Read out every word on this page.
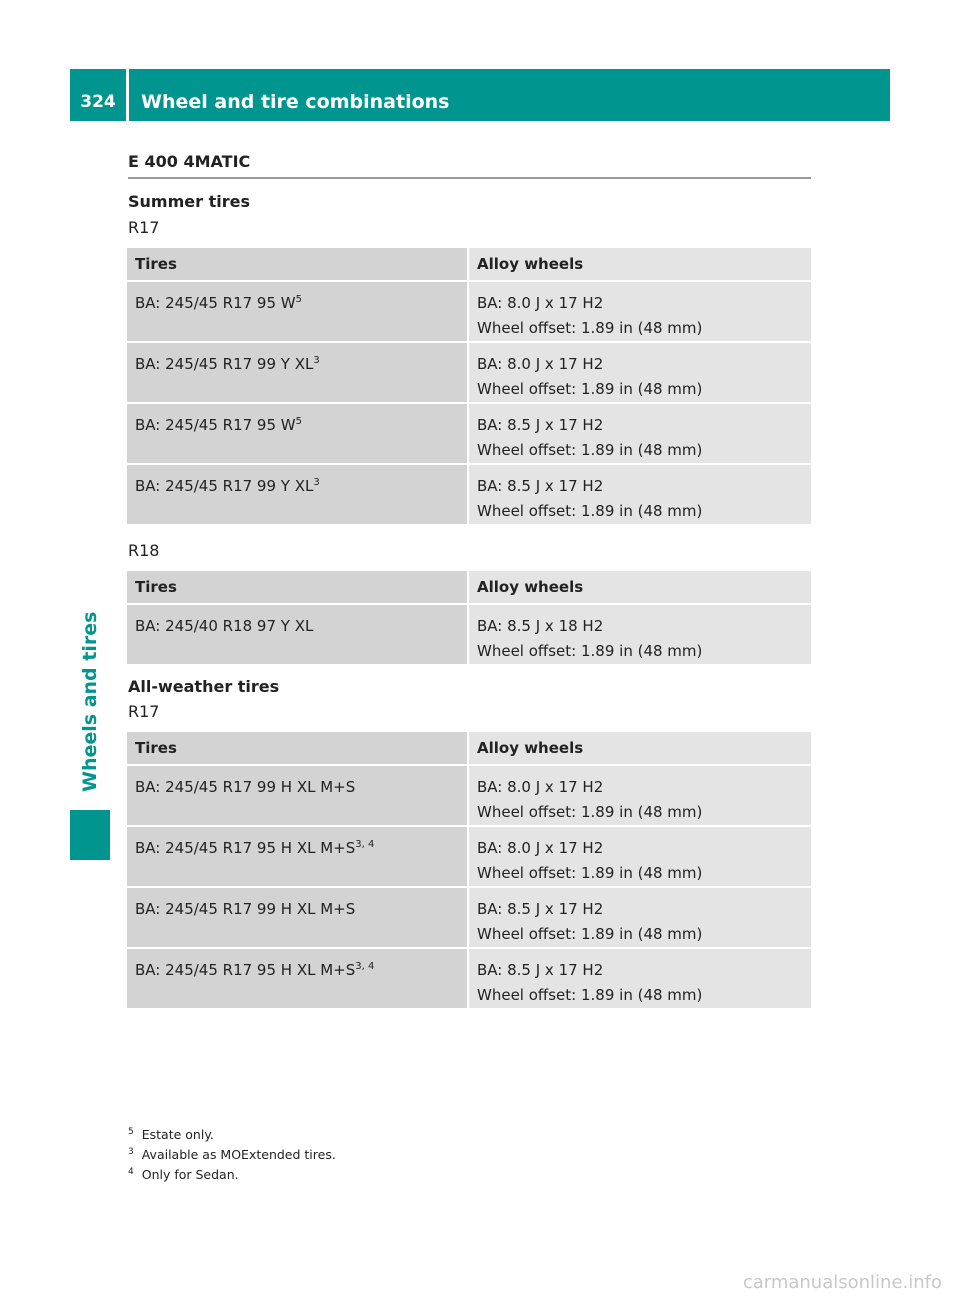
324	Wheel and tire combinations
Wheels and tires
E 400 4MATIC
Summer tires
R17
Tires	Alloy wheels
BA: 245/45 R17 95 $W^5$	BA: 8.0 J x 17 H2
Wheel offset: 1.89 in (48 mm)

BA: 245/45 R17 99 Y $XL^3$	BA: 8.0 J x 17 H2
Wheel offset: 1.89 in (48 mm)

BA: 245/45 R17 95 $W^5$	BA: 8.5 J x 17 H2
Wheel offset: 1.89 in (48 mm)

BA: 245/45 R17 99 Y $XL^3$	BA: 8.5 J x 17 H2
Wheel offset: 1.89 in (48 mm)
R18
Tires	Alloy wheels
BA: 245/40 R18 97 Y XL	BA: 8.5 J x 18 H2
Wheel offset: 1.89 in (48 mm)
All-weather tires
R17
Tires	Alloy wheels
BA: 245/45 R17 99 H XL M+S	BA: 8.0 J x 17 H2
Wheel offset: 1.89 in (48 mm)

BA: 245/45 R17 95 H XL $M+S^{3, 4}$	BA: 8.0 J x 17 H2
Wheel offset: 1.89 in (48 mm)

BA: 245/45 R17 99 H XL M+S	BA: 8.5 J x 17 H2
Wheel offset: 1.89 in (48 mm)

BA: 245/45 R17 95 H XL $M+S^{3, 4}$	BA: 8.5 J x 17 H2
Wheel offset: 1.89 in (48 mm)
$^5$ Estate only.
$^3$ Available as MOExtended tires.
$^4$ Only for Sedan.
carmanualsonline.info
